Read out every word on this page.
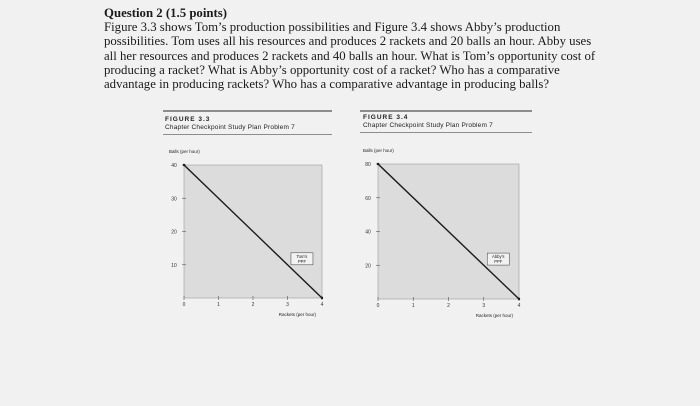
Question 2 (1.5 points)
Figure 3.3 shows Tom’s production possibilities and Figure 3.4 shows Abby’s production possibilities. Tom uses all his resources and produces 2 rackets and 20 balls an hour. Abby uses all her resources and produces 2 rackets and 40 balls an hour. What is Tom’s opportunity cost of producing a racket? What is Abby’s opportunity cost of a racket? Who has a comparative advantage in producing rackets? Who has a comparative advantage in producing balls?
FIGURE 3.3
Chapter Checkpoint Study Plan Problem 7
FIGURE 3.4
Chapter Checkpoint Study Plan Problem 7
40
30
20
10
0	1	2	3	4
Balls (per hour)
Rackets (per hour)
Tom's
PPF
80
60
40
20
0	1	2	3	4
Balls (per hour)
Rackets (per hour)
Abby's
PPF
